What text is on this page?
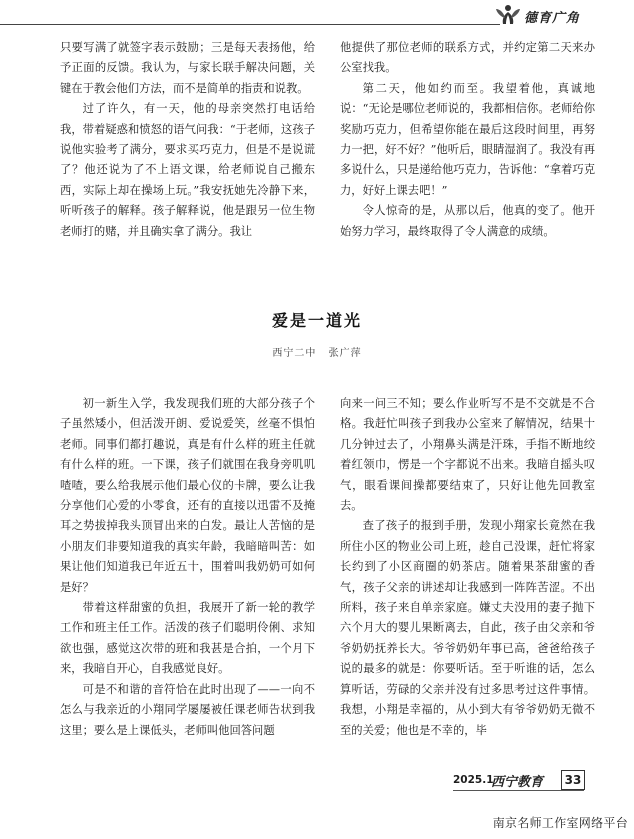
德育广角

只要写满了就签字表示鼓励；三是每天表扬他，给予正面的反馈。我认为，与家长联手解决问题，关键在于教会他们方法，而不是简单的指责和说教。

过了许久，有一天，他的母亲突然打电话给我，带着疑惑和愤怒的语气问我：“于老师，这孩子说他实验考了满分，要求买巧克力，但是不是说谎了？他还说为了不上语文课，给老师说自己搬东西，实际上却在操场上玩。”我安抚她先冷静下来，听听孩子的解释。孩子解释说，他是跟另一位生物老师打的赌，并且确实拿了满分。我让

他提供了那位老师的联系方式，并约定第二天来办公室找我。

第二天，他如约而至。我望着他，真诚地说：“无论是哪位老师说的，我都相信你。老师给你奖励巧克力，但希望你能在最后这段时间里，再努力一把，好不好？”他听后，眼睛湿润了。我没有再多说什么，只是递给他巧克力，告诉他：“拿着巧克力，好好上课去吧！”

令人惊奇的是，从那以后，他真的变了。他开始努力学习，最终取得了令人满意的成绩。

爱是一道光
西宁二中 张广萍

初一新生入学，我发现我们班的大部分孩子个子虽然矮小，但活泼开朗、爱说爱笑，丝毫不惧怕老师。同事们都打趣说，真是有什么样的班主任就有什么样的班。一下课，孩子们就围在我身旁叽叽喳喳，要么给我展示他们最心仪的卡牌，要么让我分享他们心爱的小零食，还有的直接以迅雷不及掩耳之势拔掉我头顶冒出来的白发。最让人苦恼的是小朋友们非要知道我的真实年龄，我暗暗叫苦：如果让他们知道我已年近五十，围着叫我奶奶可如何是好？

带着这样甜蜜的负担，我展开了新一轮的教学工作和班主任工作。活泼的孩子们聪明伶俐、求知欲也强，感觉这次带的班和我甚是合拍，一个月下来，我暗自开心，自我感觉良好。

可是不和谐的音符恰在此时出现了——一向不怎么与我亲近的小翔同学屡屡被任课老师告状到我这里；要么是上课低头，老师叫他回答问题

向来一问三不知；要么作业听写不是不交就是不合格。我赶忙叫孩子到我办公室来了解情况，结果十几分钟过去了，小翔鼻头满是汗珠，手指不断地绞着红领巾，愣是一个字都说不出来。我暗自摇头叹气，眼看课间操都要结束了，只好让他先回教室去。

查了孩子的报到手册，发现小翔家长竟然在我所住小区的物业公司上班，趁自己没课，赶忙将家长约到了小区商圈的奶茶店。随着果茶甜蜜的香气，孩子父亲的讲述却让我感到一阵阵苦涩。不出所料，孩子来自单亲家庭。嫌丈夫没用的妻子抛下六个月大的婴儿果断离去，自此，孩子由父亲和爷爷奶奶抚养长大。爷爷奶奶年事已高，爸爸给孩子说的最多的就是：你要听话。至于听谁的话，怎么算听话，劳碌的父亲并没有过多思考过这件事情。我想，小翔是幸福的，从小到大有爷爷奶奶无微不至的关爱；他也是不幸的，毕

2025.1
西宁教育	33
南京名师工作室网络平台
